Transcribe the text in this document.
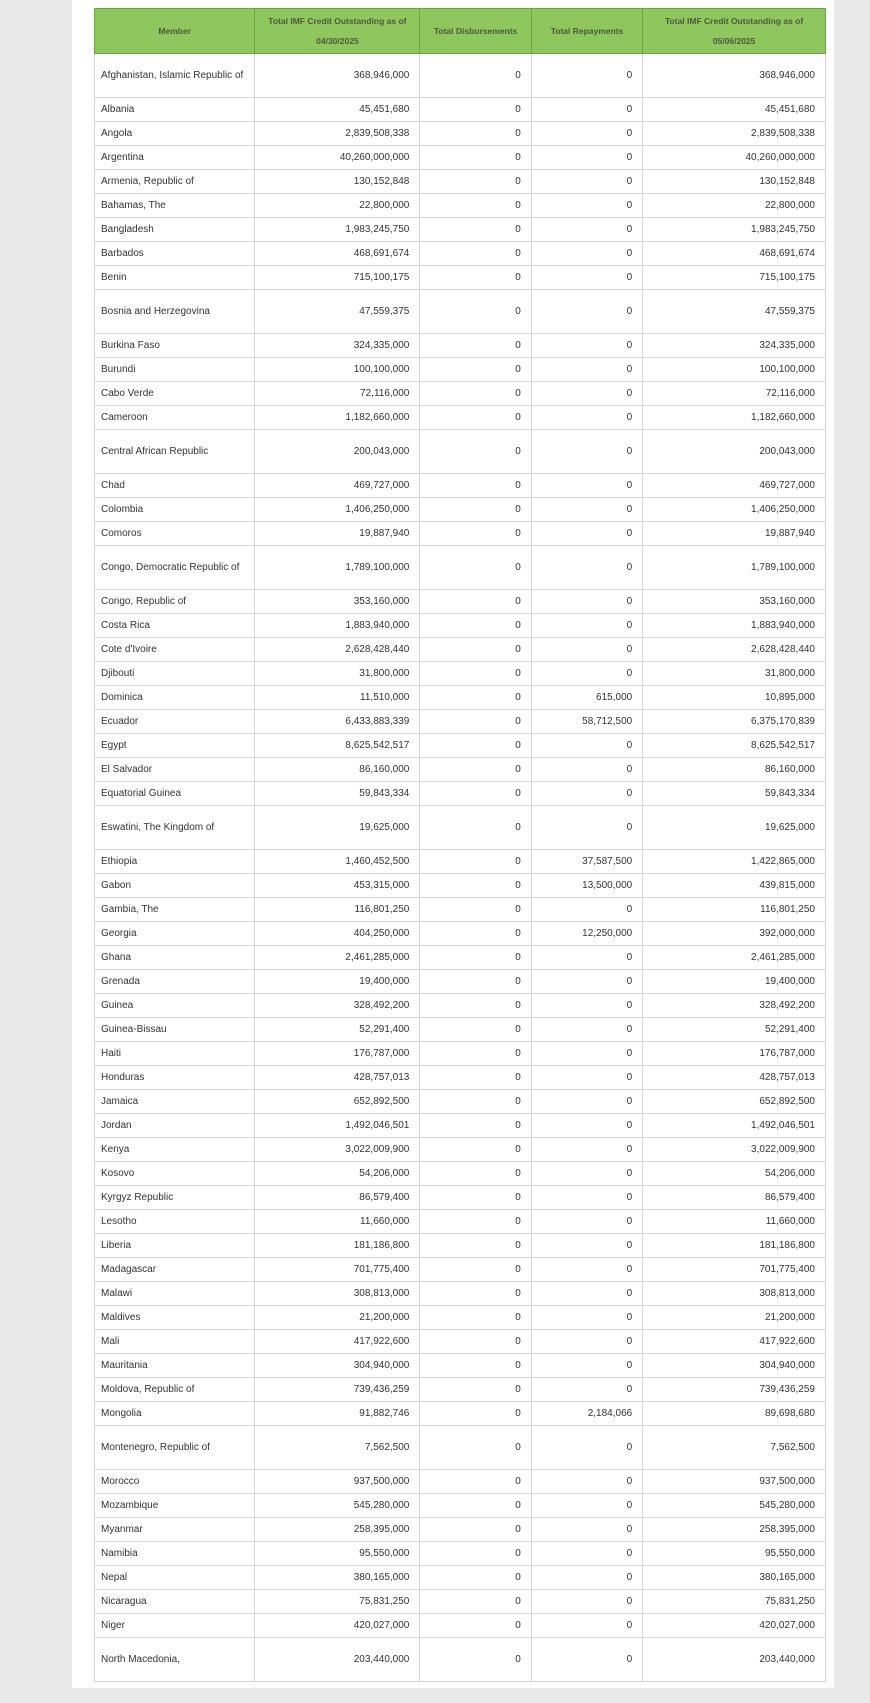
Member	Total IMF Credit Outstanding as of 04/30/2025	Total Disbursements	Total Repayments	Total IMF Credit Outstanding as of 05/06/2025
Afghanistan, Islamic Republic of	368,946,000	0	0	368,946,000
Albania	45,451,680	0	0	45,451,680
Angola	2,839,508,338	0	0	2,839,508,338
Argentina	40,260,000,000	0	0	40,260,000,000
Armenia, Republic of	130,152,848	0	0	130,152,848
Bahamas, The	22,800,000	0	0	22,800,000
Bangladesh	1,983,245,750	0	0	1,983,245,750
Barbados	468,691,674	0	0	468,691,674
Benin	715,100,175	0	0	715,100,175
Bosnia and Herzegovina	47,559,375	0	0	47,559,375
Burkina Faso	324,335,000	0	0	324,335,000
Burundi	100,100,000	0	0	100,100,000
Cabo Verde	72,116,000	0	0	72,116,000
Cameroon	1,182,660,000	0	0	1,182,660,000
Central African Republic	200,043,000	0	0	200,043,000
Chad	469,727,000	0	0	469,727,000
Colombia	1,406,250,000	0	0	1,406,250,000
Comoros	19,887,940	0	0	19,887,940
Congo, Democratic Republic of	1,789,100,000	0	0	1,789,100,000
Congo, Republic of	353,160,000	0	0	353,160,000
Costa Rica	1,883,940,000	0	0	1,883,940,000
Cote d'Ivoire	2,628,428,440	0	0	2,628,428,440
Djibouti	31,800,000	0	0	31,800,000
Dominica	11,510,000	0	615,000	10,895,000
Ecuador	6,433,883,339	0	58,712,500	6,375,170,839
Egypt	8,625,542,517	0	0	8,625,542,517
El Salvador	86,160,000	0	0	86,160,000
Equatorial Guinea	59,843,334	0	0	59,843,334
Eswatini, The Kingdom of	19,625,000	0	0	19,625,000
Ethiopia	1,460,452,500	0	37,587,500	1,422,865,000
Gabon	453,315,000	0	13,500,000	439,815,000
Gambia, The	116,801,250	0	0	116,801,250
Georgia	404,250,000	0	12,250,000	392,000,000
Ghana	2,461,285,000	0	0	2,461,285,000
Grenada	19,400,000	0	0	19,400,000
Guinea	328,492,200	0	0	328,492,200
Guinea-Bissau	52,291,400	0	0	52,291,400
Haiti	176,787,000	0	0	176,787,000
Honduras	428,757,013	0	0	428,757,013
Jamaica	652,892,500	0	0	652,892,500
Jordan	1,492,046,501	0	0	1,492,046,501
Kenya	3,022,009,900	0	0	3,022,009,900
Kosovo	54,206,000	0	0	54,206,000
Kyrgyz Republic	86,579,400	0	0	86,579,400
Lesotho	11,660,000	0	0	11,660,000
Liberia	181,186,800	0	0	181,186,800
Madagascar	701,775,400	0	0	701,775,400
Malawi	308,813,000	0	0	308,813,000
Maldives	21,200,000	0	0	21,200,000
Mali	417,922,600	0	0	417,922,600
Mauritania	304,940,000	0	0	304,940,000
Moldova, Republic of	739,436,259	0	0	739,436,259
Mongolia	91,882,746	0	2,184,066	89,698,680
Montenegro, Republic of	7,562,500	0	0	7,562,500
Morocco	937,500,000	0	0	937,500,000
Mozambique	545,280,000	0	0	545,280,000
Myanmar	258,395,000	0	0	258,395,000
Namibia	95,550,000	0	0	95,550,000
Nepal	380,165,000	0	0	380,165,000
Nicaragua	75,831,250	0	0	75,831,250
Niger	420,027,000	0	0	420,027,000
North Macedonia,	203,440,000	0	0	203,440,000
